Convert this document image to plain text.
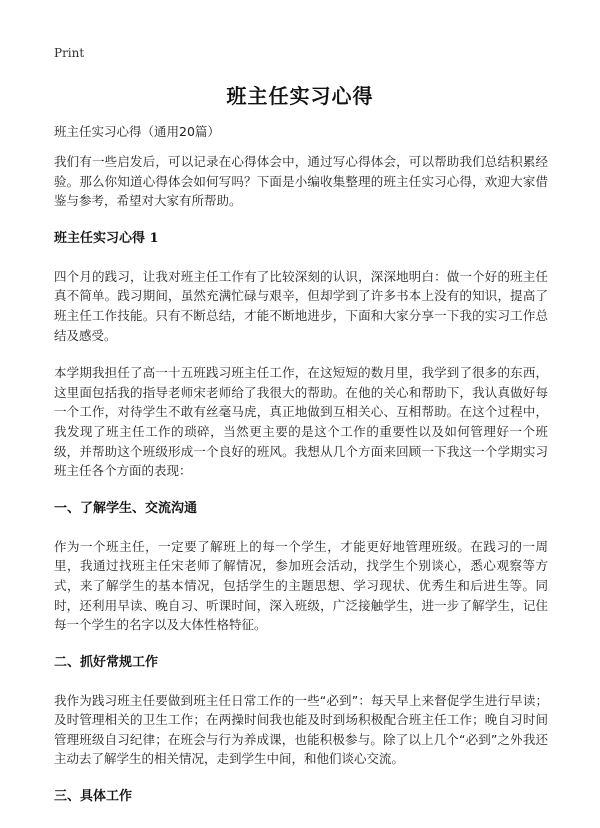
Print
班主任实习心得
班主任实习心得（通用20篇）

我们有一些启发后，可以记录在心得体会中，通过写心得体会，可以帮助我们总结积累经验。那么你知道心得体会如何写吗？下面是小编收集整理的班主任实习心得，欢迎大家借鉴与参考，希望对大家有所帮助。

班主任实习心得 1

四个月的践习，让我对班主任工作有了比较深刻的认识，深深地明白：做一个好的班主任真不简单。践习期间，虽然充满忙碌与艰辛，但却学到了许多书本上没有的知识，提高了班主任工作技能。只有不断总结，才能不断地进步，下面和大家分享一下我的实习工作总结及感受。

本学期我担任了高一十五班践习班主任工作，在这短短的数月里，我学到了很多的东西，这里面包括我的指导老师宋老师给了我很大的帮助。在他的关心和帮助下，我认真做好每一个工作，对待学生不敢有丝毫马虎，真正地做到互相关心、互相帮助。在这个过程中，我发现了班主任工作的琐碎，当然更主要的是这个工作的重要性以及如何管理好一个班级，并帮助这个班级形成一个良好的班风。我想从几个方面来回顾一下我这一个学期实习班主任各个方面的表现：

一、了解学生、交流沟通

作为一个班主任，一定要了解班上的每一个学生，才能更好地管理班级。在践习的一周里，我通过找班主任宋老师了解情况，参加班会活动，找学生个别谈心，悉心观察等方式，来了解学生的基本情况，包括学生的主题思想、学习现状、优秀生和后进生等。同时，还利用早读、晚自习、听课时间，深入班级，广泛接触学生，进一步了解学生，记住每一个学生的名字以及大体性格特征。

二、抓好常规工作

我作为践习班主任要做到班主任日常工作的一些“必到”：每天早上来督促学生进行早读；及时管理相关的卫生工作；在两操时间我也能及时到场积极配合班主任工作；晚自习时间管理班级自习纪律；在班会与行为养成课，也能积极参与。除了以上几个“必到”之外我还主动去了解学生的相关情况，走到学生中间，和他们谈心交流。

三、具体工作
